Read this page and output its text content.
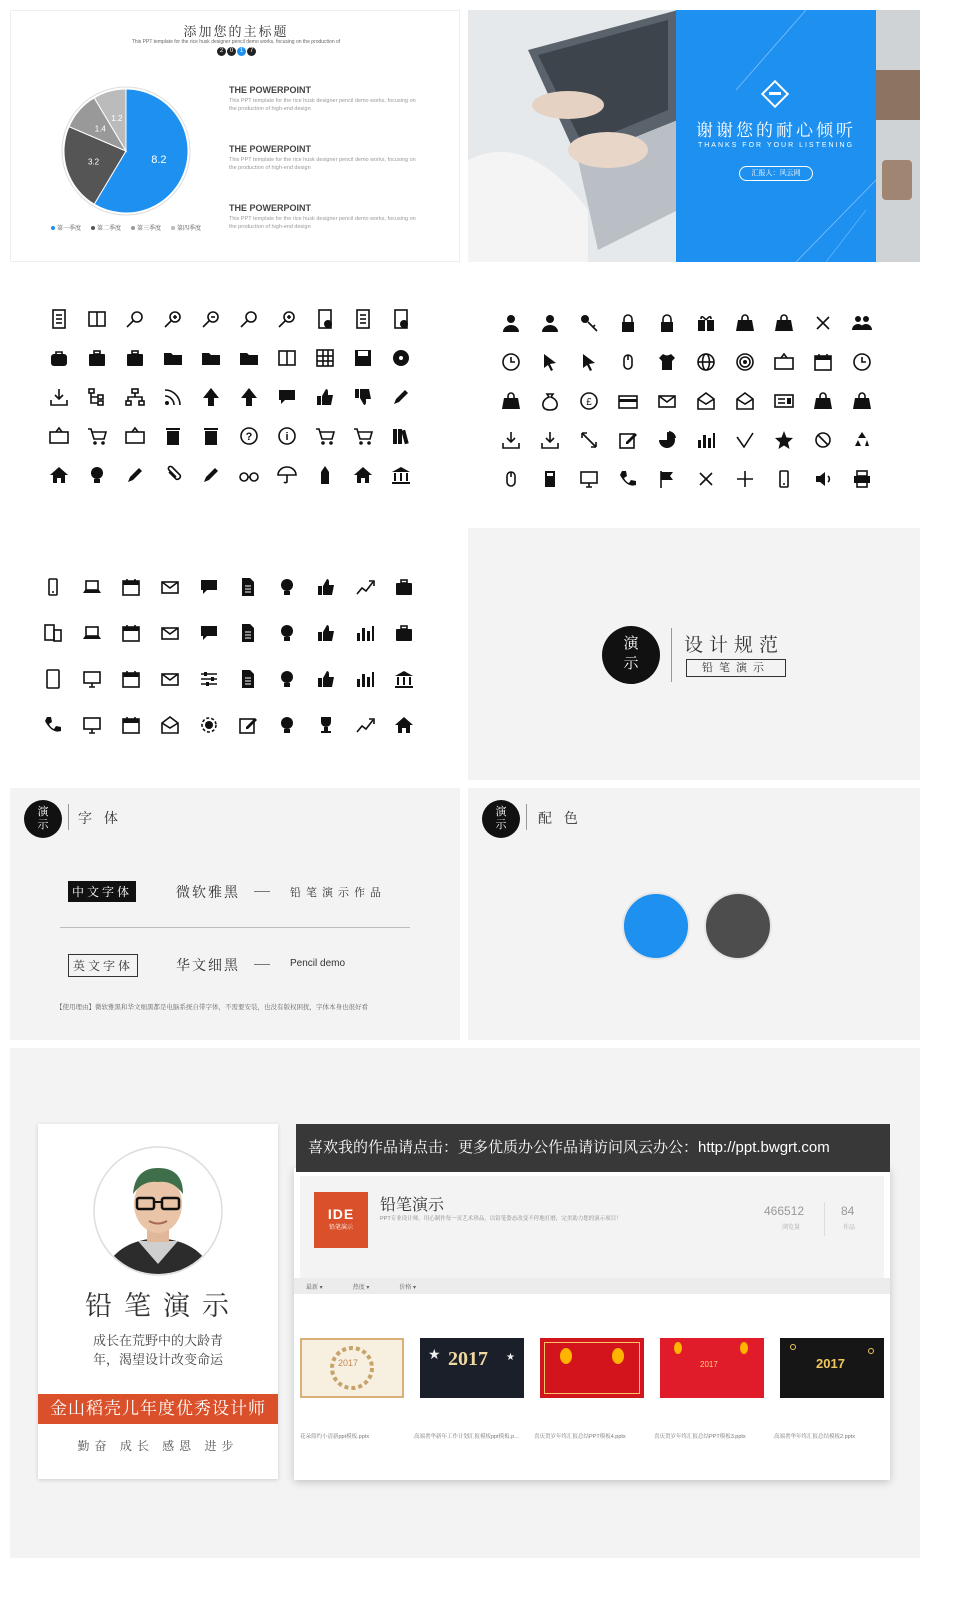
添加您的主标题
This PPT template for the rice husk designer pencil demo works, focusing on the production of
2	0	1	7
8.2
3.2
1.4
1.2
第一季度	第二季度	第三季度	第四季度
THE POWERPOINT
This PPT template for the rice husk designer pencil demo works, focusing on
the production of high-end design
THE POWERPOINT
This PPT template for the rice husk designer pencil demo works, focusing on
the production of high-end design
THE POWERPOINT
This PPT template for the rice husk designer pencil demo works, focusing on
the production of high-end design
谢谢您的耐心倾听
THANKS FOR YOUR LISTENING
汇报人：风云网
?	i
£
演
示
设计规范
铅笔演示
演
示	字 体
中文字体	微软雅黑	铅笔演示作品
英文字体	华文细黑	Pencil demo
【使用理由】微软雅黑和华文细黑都是电脑系统自带字体，不需要安装，也没有版权困扰，字体本身也很好看
演
示	配 色
铅笔演示
成长在荒野中的大龄青
年，渴望设计改变命运
金山稻壳儿年度优秀设计师
勤奋 成长 感恩 进步
IDE
铅笔演示
铅笔演示
PPT专业设计师，用心制作每一页艺术珍品，以铅笔姿态改变不停地打磨，完美助力您的演示项目！
466512
浏览量
84
作品
最新 ▾	热度 ▾	价格 ▾
2017
花朵简约小清新ppt模板.pptx
2017
★	★
高端奢华新年工作计划汇报模板ppt模板.p...	喜庆贺岁年终汇报总结PPT模板4.pptx
2017
喜庆贺岁年终汇报总结PPT模板3.pptx
2017
高端奢华年终汇报总结模板2.pptx
喜欢我的作品请点击：更多优质办公作品请访问风云办公：http://ppt.bwgrt.com
